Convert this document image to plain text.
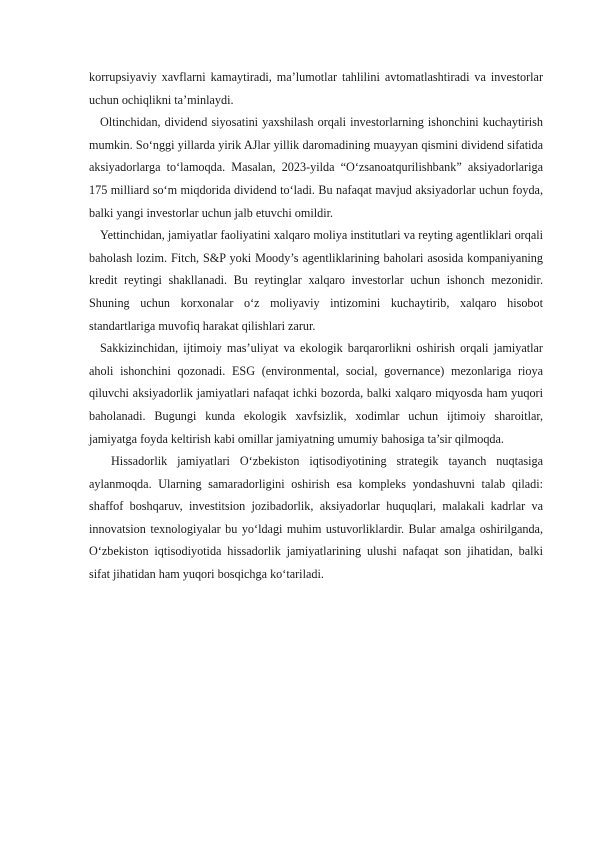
korrupsiyaviy xavflarni kamaytiradi, ma’lumotlar tahlilini avtomatlashtiradi va investorlar uchun ochiqlikni ta’minlaydi.

Oltinchidan, dividend siyosatini yaxshilash orqali investorlarning ishonchini kuchaytirish mumkin. So‘nggi yillarda yirik AJlar yillik daromadining muayyan qismini dividend sifatida aksiyadorlarga to‘lamoqda. Masalan, 2023-yilda “O‘zsanoatqurilishbank” aksiyadorlariga 175 milliard so‘m miqdorida dividend to‘ladi. Bu nafaqat mavjud aksiyadorlar uchun foyda, balki yangi investorlar uchun jalb etuvchi omildir.

Yettinchidan, jamiyatlar faoliyatini xalqaro moliya institutlari va reyting agentliklari orqali baholash lozim. Fitch, S&P yoki Moody’s agentliklarining baholari asosida kompaniyaning kredit reytingi shakllanadi. Bu reytinglar xalqaro investorlar uchun ishonch mezonidir. Shuning uchun korxonalar o‘z moliyaviy intizomini kuchaytirib, xalqaro hisobot standartlariga muvofiq harakat qilishlari zarur.

Sakkizinchidan, ijtimoiy mas’uliyat va ekologik barqarorlikni oshirish orqali jamiyatlar aholi ishonchini qozonadi. ESG (environmental, social, governance) mezonlariga rioya qiluvchi aksiyadorlik jamiyatlari nafaqat ichki bozorda, balki xalqaro miqyosda ham yuqori baholanadi. Bugungi kunda ekologik xavfsizlik, xodimlar uchun ijtimoiy sharoitlar, jamiyatga foyda keltirish kabi omillar jamiyatning umumiy bahosiga ta’sir qilmoqda.

Hissadorlik jamiyatlari O‘zbekiston iqtisodiyotining strategik tayanch nuqtasiga aylanmoqda. Ularning samaradorligini oshirish esa kompleks yondashuvni talab qiladi: shaffof boshqaruv, investitsion jozibadorlik, aksiyadorlar huquqlari, malakali kadrlar va innovatsion texnologiyalar bu yo‘ldagi muhim ustuvorliklardir. Bular amalga oshirilganda, O‘zbekiston iqtisodiyotida hissadorlik jamiyatlarining ulushi nafaqat son jihatidan, balki sifat jihatidan ham yuqori bosqichga ko‘tariladi.
